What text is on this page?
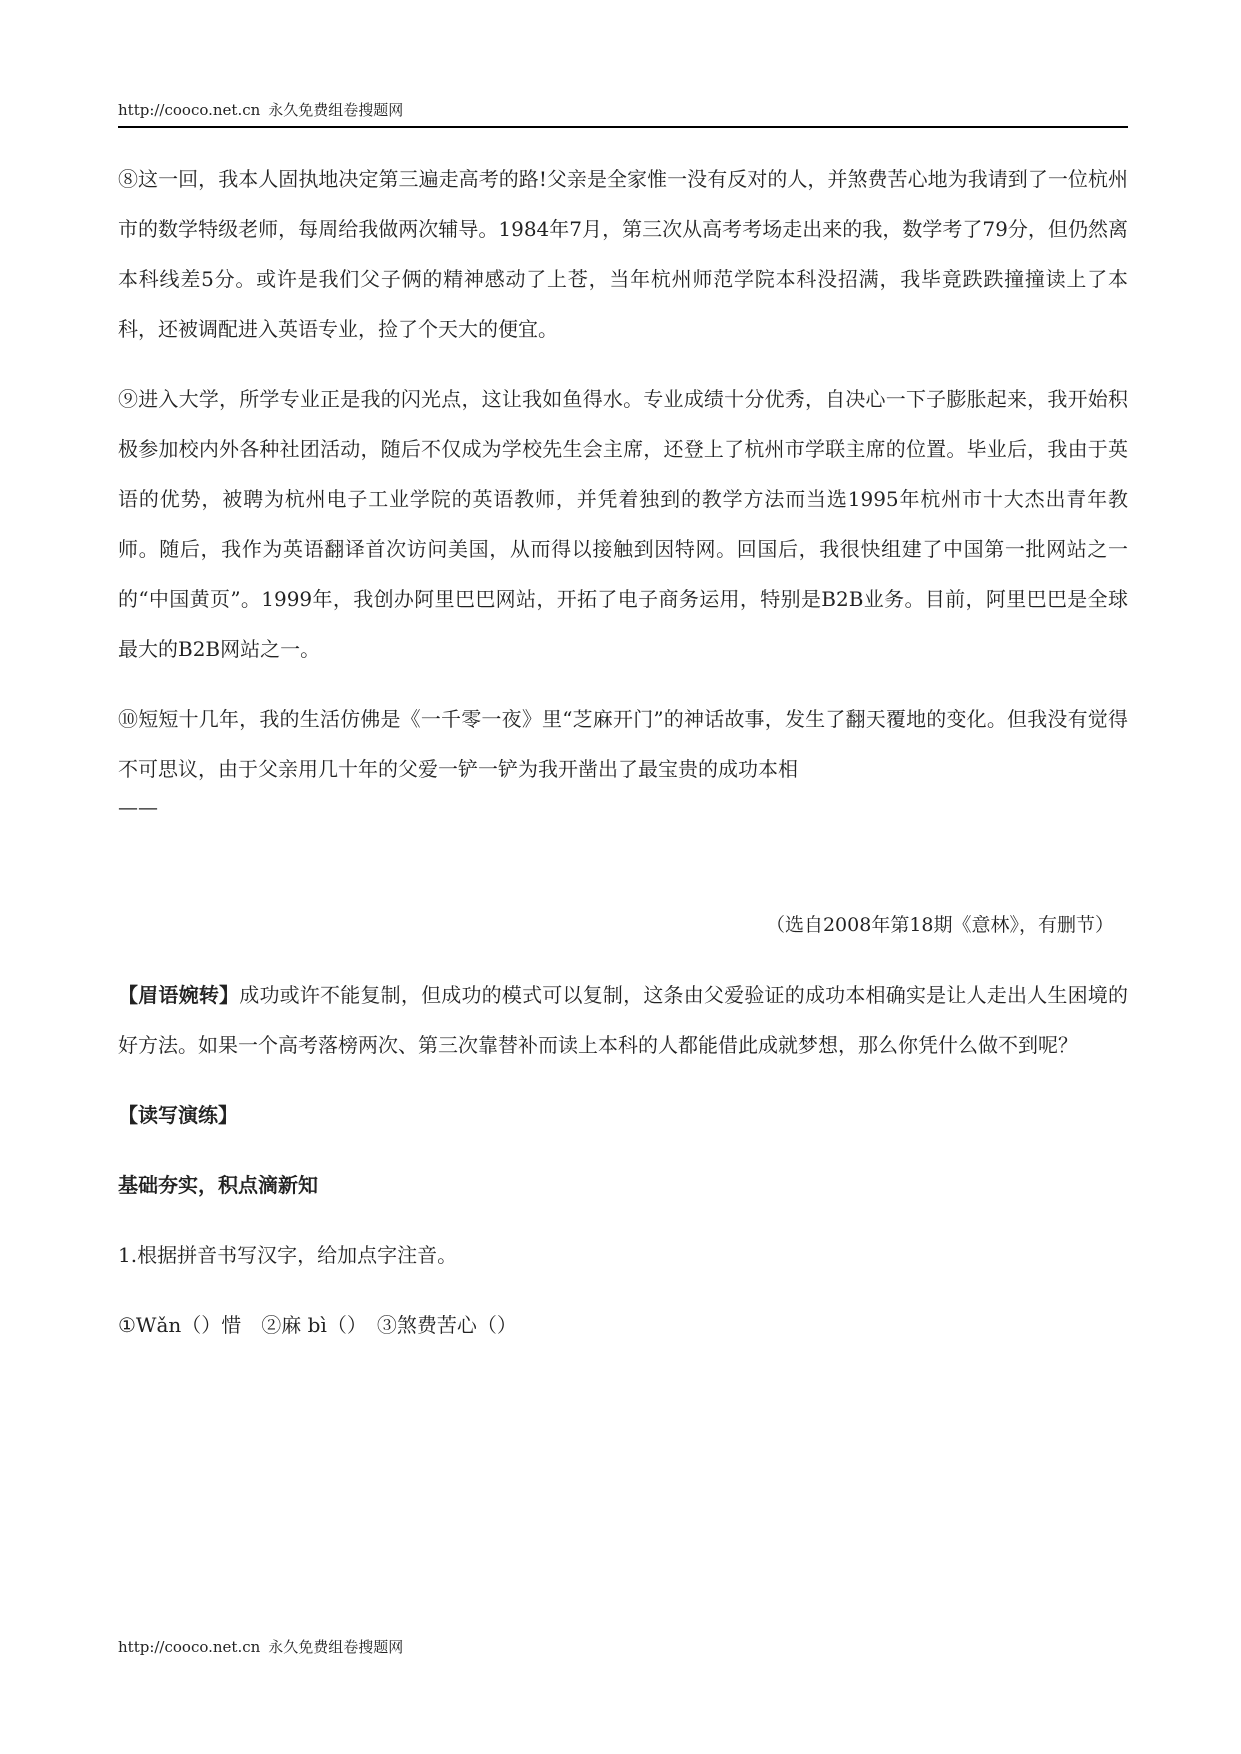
http://cooco.net.cn 永久免费组卷搜题网

⑧这一回，我本人固执地决定第三遍走高考的路!父亲是全家惟一没有反对的人，并煞费苦心地为我请到了一位杭州市的数学特级老师，每周给我做两次辅导。1984年7月，第三次从高考考场走出来的我，数学考了79分，但仍然离本科线差5分。或许是我们父子俩的精神感动了上苍，当年杭州师范学院本科没招满，我毕竟跌跌撞撞读上了本科，还被调配进入英语专业，捡了个天大的便宜。

⑨进入大学，所学专业正是我的闪光点，这让我如鱼得水。专业成绩十分优秀，自决心一下子膨胀起来，我开始积极参加校内外各种社团活动，随后不仅成为学校先生会主席，还登上了杭州市学联主席的位置。毕业后，我由于英语的优势，被聘为杭州电子工业学院的英语教师，并凭着独到的教学方法而当选1995年杭州市十大杰出青年教师。随后，我作为英语翻译首次访问美国，从而得以接触到因特网。回国后，我很快组建了中国第一批网站之一的“中国黄页”。1999年，我创办阿里巴巴网站，开拓了电子商务运用，特别是B2B业务。目前，阿里巴巴是全球最大的B2B网站之一。

⑩短短十几年，我的生活仿佛是《一千零一夜》里“芝麻开门”的神话故事，发生了翻天覆地的变化。但我没有觉得不可思议，由于父亲用几十年的父爱一铲一铲为我开凿出了最宝贵的成功本相

——

（选自2008年第18期《意林》，有删节）

【眉语婉转】成功或许不能复制，但成功的模式可以复制，这条由父爱验证的成功本相确实是让人走出人生困境的好方法。如果一个高考落榜两次、第三次靠替补而读上本科的人都能借此成就梦想，那么你凭什么做不到呢？

【读写演练】

基础夯实，积点滴新知

1.根据拼音书写汉字，给加点字注音。

①Wǎn（）惜　②麻 bì（）　③煞费苦心（）

http://cooco.net.cn 永久免费组卷搜题网
